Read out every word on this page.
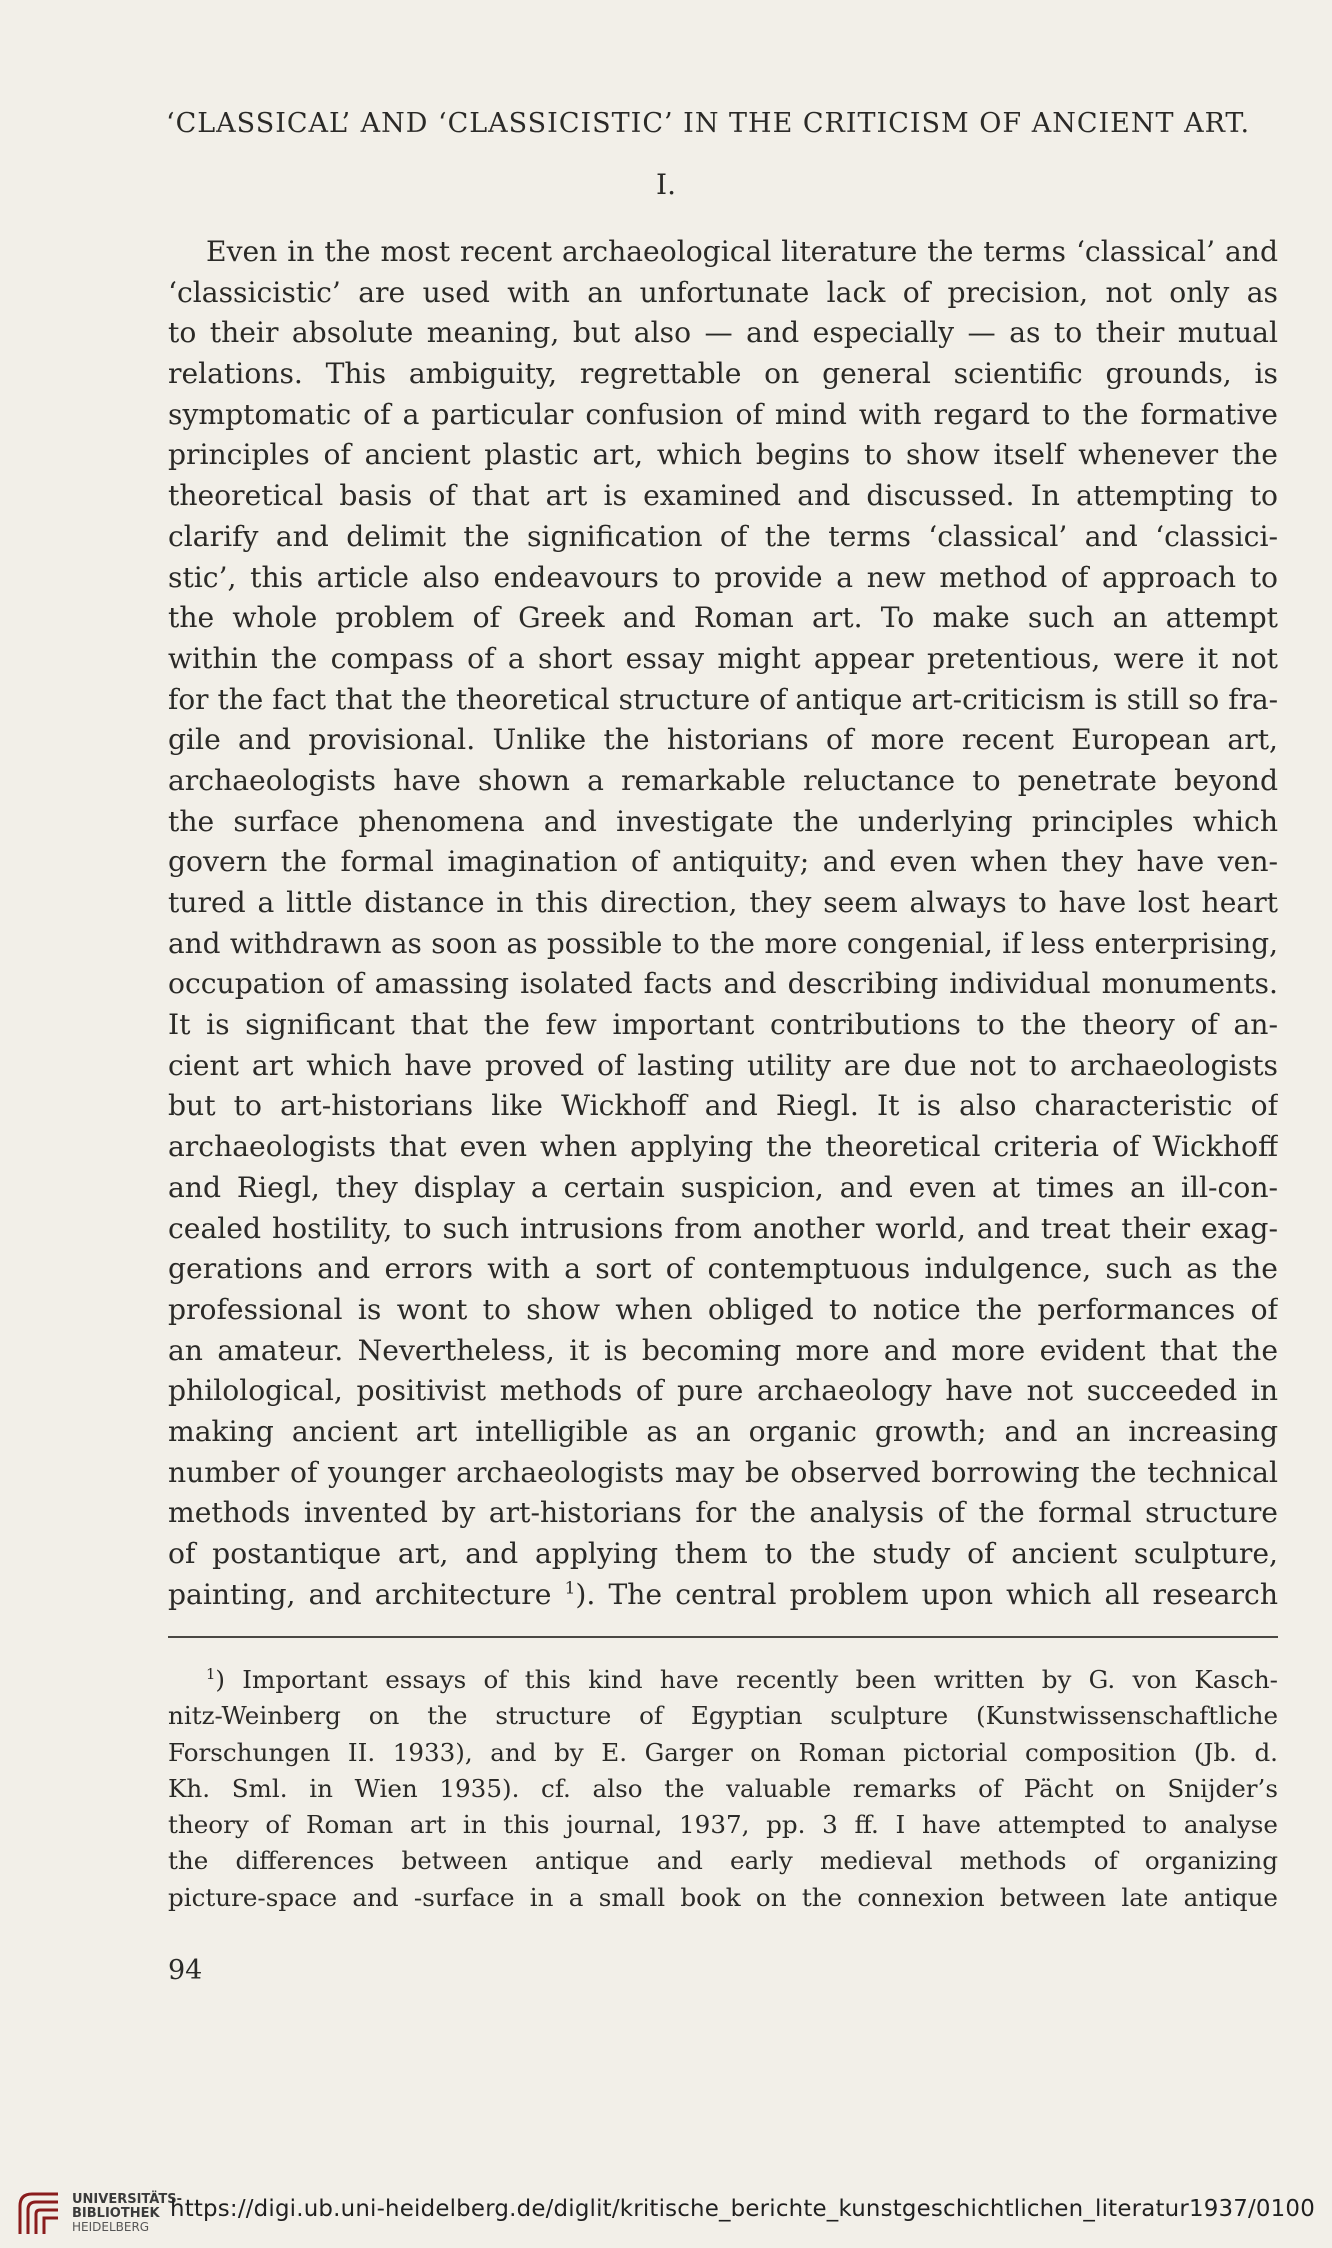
‘CLASSICAL’ AND ‘CLASSICISTIC’ IN THE CRITICISM OF ANCIENT ART.
I.
Even in the most recent archaeological literature the terms ‘classical’ and
‘classicistic’ are used with an unfortunate lack of precision, not only as
to their absolute meaning, but also — and especially — as to their mutual
relations. This ambiguity, regrettable on general scientific grounds, is
symptomatic of a particular confusion of mind with regard to the formative
principles of ancient plastic art, which begins to show itself whenever the
theoretical basis of that art is examined and discussed. In attempting to
clarify and delimit the signification of the terms ‘classical’ and ‘classici-
stic’, this article also endeavours to provide a new method of approach to
the whole problem of Greek and Roman art. To make such an attempt
within the compass of a short essay might appear pretentious, were it not
for the fact that the theoretical structure of antique art-criticism is still so fra-
gile and provisional. Unlike the historians of more recent European art,
archaeologists have shown a remarkable reluctance to penetrate beyond
the surface phenomena and investigate the underlying principles which
govern the formal imagination of antiquity; and even when they have ven-
tured a little distance in this direction, they seem always to have lost heart
and withdrawn as soon as possible to the more congenial, if less enterprising,
occupation of amassing isolated facts and describing individual monuments.
It is significant that the few important contributions to the theory of an-
cient art which have proved of lasting utility are due not to archaeologists
but to art-historians like Wickhoff and Riegl. It is also characteristic of
archaeologists that even when applying the theoretical criteria of Wickhoff
and Riegl, they display a certain suspicion, and even at times an ill-con-
cealed hostility, to such intrusions from another world, and treat their exag-
gerations and errors with a sort of contemptuous indulgence, such as the
professional is wont to show when obliged to notice the performances of
an amateur. Nevertheless, it is becoming more and more evident that the
philological, positivist methods of pure archaeology have not succeeded in
making ancient art intelligible as an organic growth; and an increasing
number of younger archaeologists may be observed borrowing the technical
methods invented by art-historians for the analysis of the formal structure
of postantique art, and applying them to the study of ancient sculpture,
painting, and architecture $^1$). The central problem upon which all research
$^1$) Important essays of this kind have recently been written by G. von Kasch-
nitz-Weinberg on the structure of Egyptian sculpture (Kunstwissenschaftliche
Forschungen II. 1933), and by E. Garger on Roman pictorial composition (Jb. d.
Kh. Sml. in Wien 1935). cf. also the valuable remarks of Pächt on Snijder’s
theory of Roman art in this journal, 1937, pp. 3 ff. I have attempted to analyse
the differences between antique and early medieval methods of organizing
picture-space and -surface in a small book on the connexion between late antique
94
UNIVERSITÄTS-
BIBLIOTHEK
HEIDELBERG
https://digi.ub.uni-heidelberg.de/diglit/kritische_berichte_kunstgeschichtlichen_literatur1937/0100
